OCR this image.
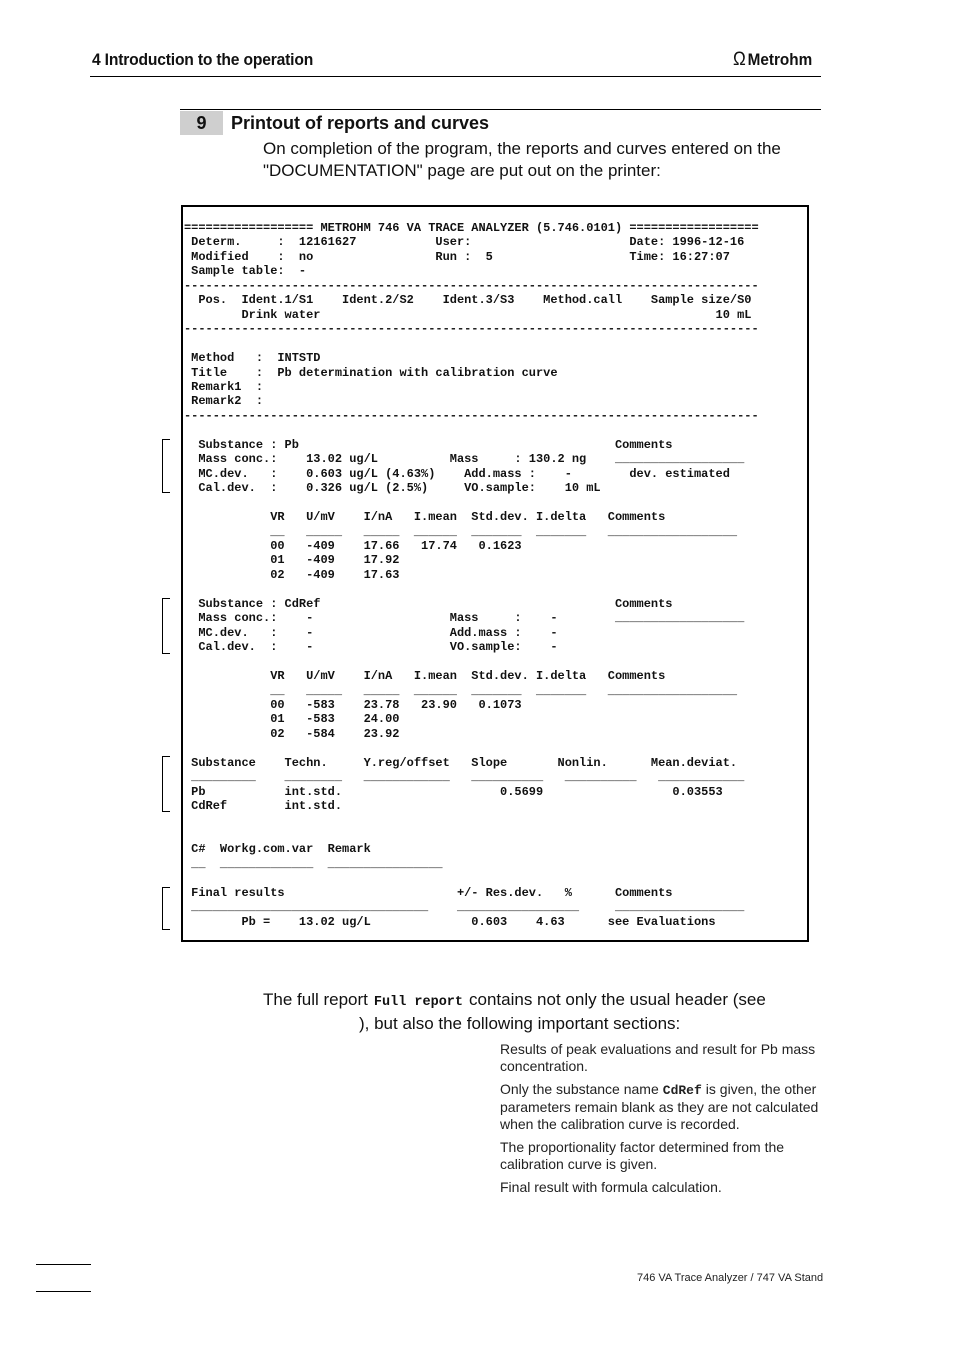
4 Introduction to the operation	Ω Metrohm
9	Printout of reports and curves

On completion of the program, the reports and curves entered on the

"DOCUMENTATION" page are put out on the printer:

================== METROHM 746 VA TRACE ANALYZER (5.746.0101) ==================
Determ.     :  12161627           User:                      Date: 1996-12-16
Modified    :  no                 Run :  5                   Time: 16:27:07
Sample table:  -
--------------------------------------------------------------------------------
Pos.  Ident.1/S1    Ident.2/S2    Ident.3/S3    Method.call    Sample size/S0
Drink water                                                       10 mL
--------------------------------------------------------------------------------

Method   :  INTSTD
Title    :  Pb determination with calibration curve
Remark1  :
Remark2  :
--------------------------------------------------------------------------------

Substance : Pb                                            Comments
Mass conc.:    13.02 ug/L          Mass     : 130.2 ng    __________________
MC.dev.   :    0.603 ug/L (4.63%)    Add.mass :    -        dev. estimated
Cal.dev.  :    0.326 ug/L (2.5%)     VO.sample:    10 mL

VR   U/mV    I/nA   I.mean  Std.dev. I.delta   Comments
__   _____   _____  ______  _______  _______   __________________
00   -409    17.66   17.74   0.1623
01   -409    17.92
02   -409    17.63

Substance : CdRef                                         Comments
Mass conc.:    -                   Mass     :    -        __________________
MC.dev.   :    -                   Add.mass :    -
Cal.dev.  :    -                   VO.sample:    -

VR   U/mV    I/nA   I.mean  Std.dev. I.delta   Comments
__   _____   _____  ______  _______  _______   __________________
00   -583    23.78   23.90   0.1073
01   -583    24.00
02   -584    23.92

Substance    Techn.     Y.reg/offset   Slope       Nonlin.      Mean.deviat.
_________    ________   ____________   __________   __________   ____________
Pb           int.std.                      0.5699                  0.03553
CdRef        int.std.

C#  Workg.com.var  Remark
__  _____________  ________________

Final results                        +/- Res.dev.   %      Comments
_________________________________    _________________     __________________
Pb =    13.02 ug/L              0.603    4.63      see Evaluations

The full report Full report contains not only the usual header (see

), but also the following important sections:

Results of peak evaluations and result for Pb mass concentration.

Only the substance name CdRef is given, the other parameters remain blank as they are not calculated when the calibration curve is recorded.

The proportionality factor determined from the calibration curve is given.

Final result with formula calculation.

746 VA Trace Analyzer / 747 VA Stand
